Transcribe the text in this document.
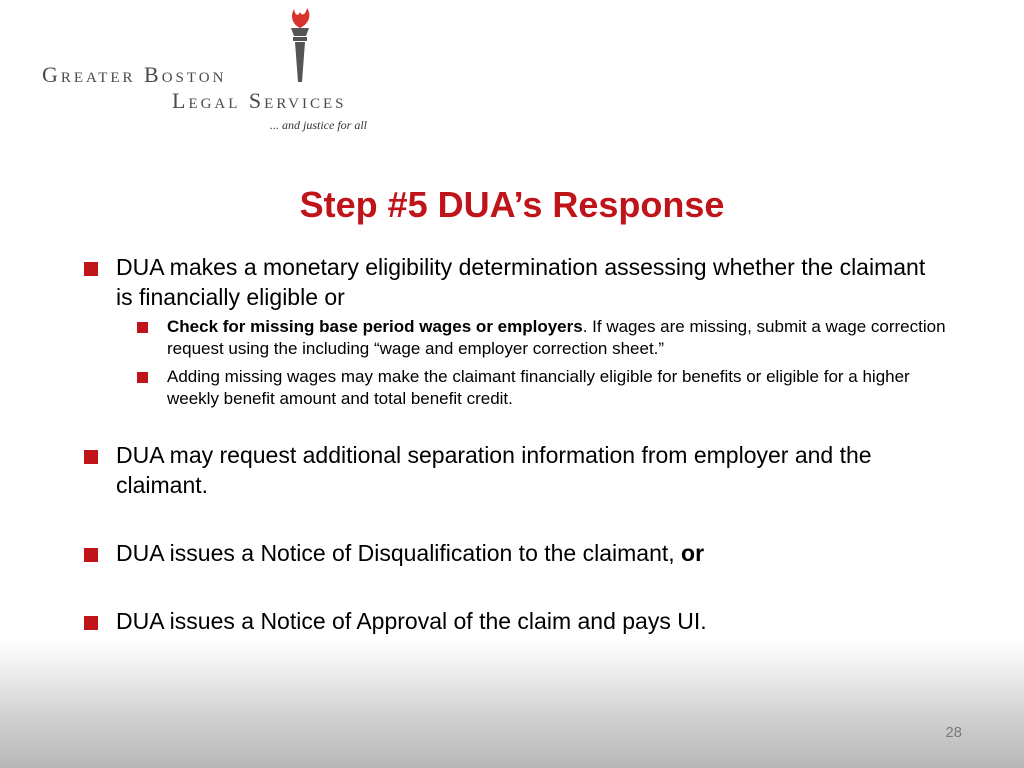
Greater Boston
Legal Services
... and justice for all
Step #5 DUA’s Response
DUA makes a monetary eligibility determination assessing whether the claimant is financially eligible or
Check for missing base period wages or employers. If wages are missing, submit a wage correction request using the including “wage and employer correction sheet.”
Adding missing wages may make the claimant financially eligible for benefits or eligible for a higher weekly benefit amount and total benefit credit.
DUA may request additional separation information from employer and the claimant.
DUA issues a Notice of Disqualification to the claimant, or
DUA issues a Notice of Approval of the claim and pays UI.
28
